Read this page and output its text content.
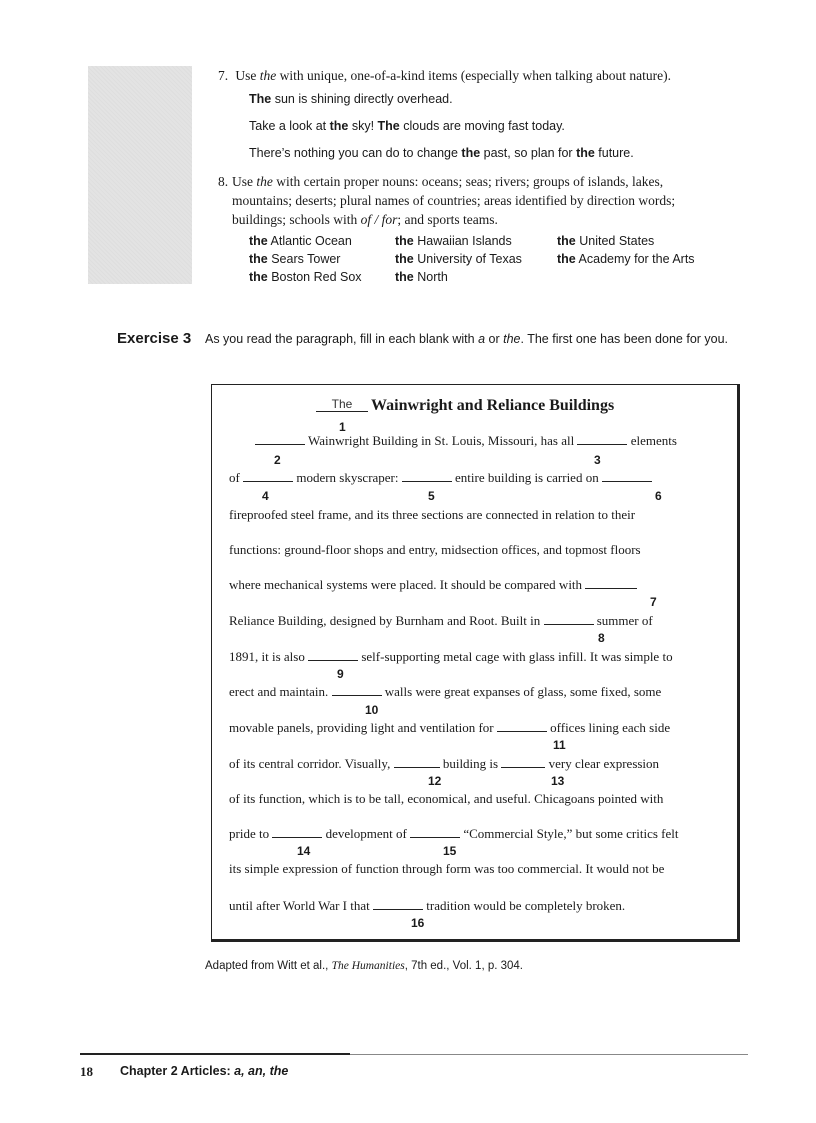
7. Use the with unique, one-of-a-kind items (especially when talking about nature).
The sun is shining directly overhead.
Take a look at the sky! The clouds are moving fast today.
There’s nothing you can do to change the past, so plan for the future.
8. Use the with certain proper nouns: oceans; seas; rivers; groups of islands, lakes,
mountains; deserts; plural names of countries; areas identified by direction words;
buildings; schools with of / for; and sports teams.
the Atlantic Ocean	the Hawaiian Islands	the United States
the Sears Tower	the University of Texas	the Academy for the Arts
the Boston Red Sox	the North
Exercise 3 As you read the paragraph, fill in each blank with a or the. The first one has been done for you.
The	Wainwright and Reliance Buildings
1
Wainwright Building in St. Louis, Missouri, has all	elements
2	3
of	modern skyscraper:	entire building is carried on
4	5	6
fireproofed steel frame, and its three sections are connected in relation to their
functions: ground-floor shops and entry, midsection offices, and topmost floors
where mechanical systems were placed. It should be compared with
7
Reliance Building, designed by Burnham and Root. Built in	summer of
8
1891, it is also	self-supporting metal cage with glass infill. It was simple to
9
erect and maintain.	walls were great expanses of glass, some fixed, some
10
movable panels, providing light and ventilation for	offices lining each side
11
of its central corridor. Visually,	building is	very clear expression
12	13
of its function, which is to be tall, economical, and useful. Chicagoans pointed with
pride to	development of	“Commercial Style,” but some critics felt
14	15
its simple expression of function through form was too commercial. It would not be
until after World War I that	tradition would be completely broken.
16
Adapted from Witt et al., The Humanities, 7th ed., Vol. 1, p. 304.
18 Chapter 2 Articles: a, an, the
